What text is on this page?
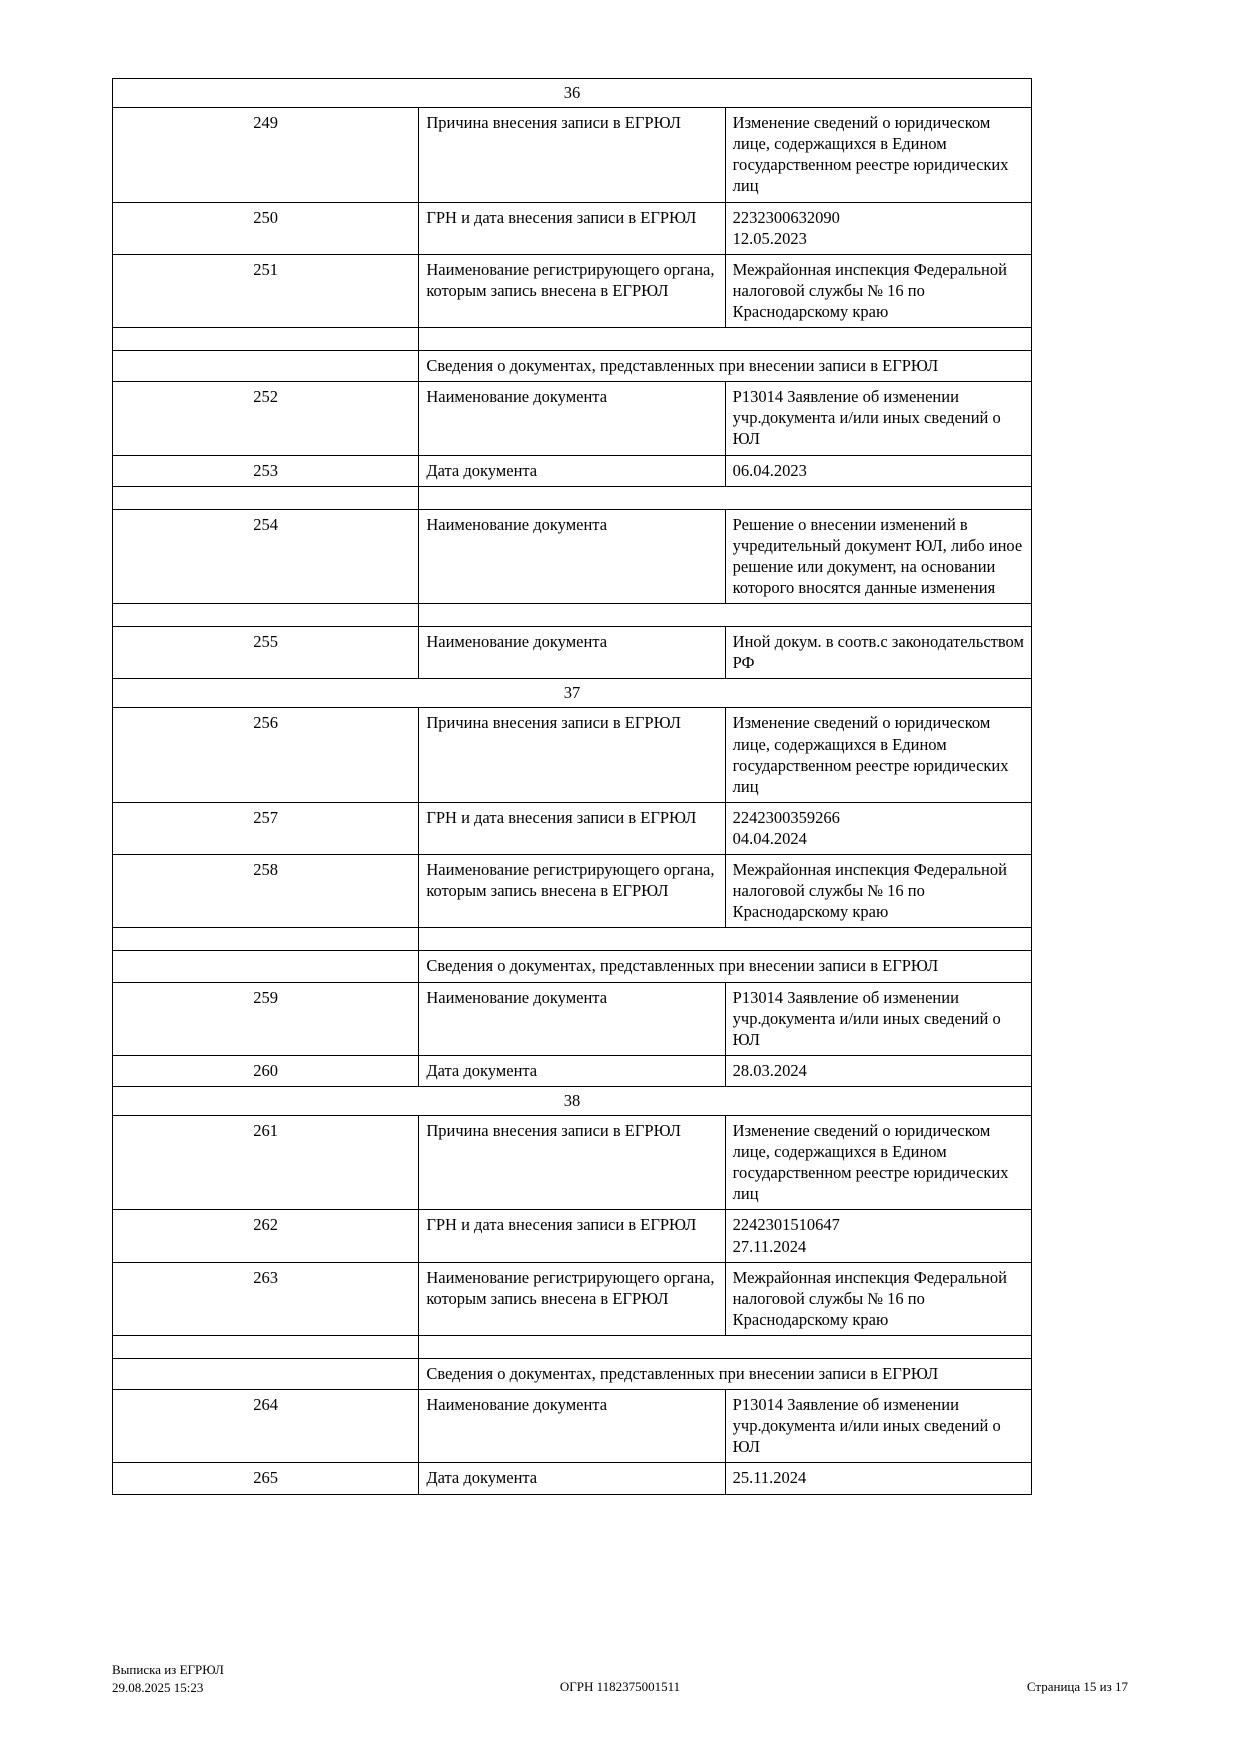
36		
249	Причина внесения записи в ЕГРЮЛ	Изменение сведений о юридическом лице, содержащихся в Едином государственном реестре юридических лиц
250	ГРН и дата внесения записи в ЕГРЮЛ	2232300632090
12.05.2023

251	Наименование регистрирующего органа, которым запись внесена в ЕГРЮЛ	Межрайонная инспекция Федеральной налоговой службы № 16 по Краснодарскому краю

	Сведения о документах, представленных при внесении записи в ЕГРЮЛ	
252	Наименование документа	Р13014 Заявление об изменении учр.документа и/или иных сведений о ЮЛ
253	Дата документа	06.04.2023

254	Наименование документа	Решение о внесении изменений в учредительный документ ЮЛ, либо иное решение или документ, на основании которого вносятся данные изменения

255	Наименование документа	Иной докум. в соотв.с законодательством РФ
37		
256	Причина внесения записи в ЕГРЮЛ	Изменение сведений о юридическом лице, содержащихся в Едином государственном реестре юридических лиц
257	ГРН и дата внесения записи в ЕГРЮЛ	2242300359266
04.04.2024

258	Наименование регистрирующего органа, которым запись внесена в ЕГРЮЛ	Межрайонная инспекция Федеральной налоговой службы № 16 по Краснодарскому краю

	Сведения о документах, представленных при внесении записи в ЕГРЮЛ	
259	Наименование документа	Р13014 Заявление об изменении учр.документа и/или иных сведений о ЮЛ
260	Дата документа	28.03.2024
38		
261	Причина внесения записи в ЕГРЮЛ	Изменение сведений о юридическом лице, содержащихся в Едином государственном реестре юридических лиц
262	ГРН и дата внесения записи в ЕГРЮЛ	2242301510647
27.11.2024

263	Наименование регистрирующего органа, которым запись внесена в ЕГРЮЛ	Межрайонная инспекция Федеральной налоговой службы № 16 по Краснодарскому краю

	Сведения о документах, представленных при внесении записи в ЕГРЮЛ	
264	Наименование документа	Р13014 Заявление об изменении учр.документа и/или иных сведений о ЮЛ
265	Дата документа	25.11.2024
Выписка из ЕГРЮЛ
29.08.2025 15:23	ОГРН 1182375001511	Страница 15 из 17
